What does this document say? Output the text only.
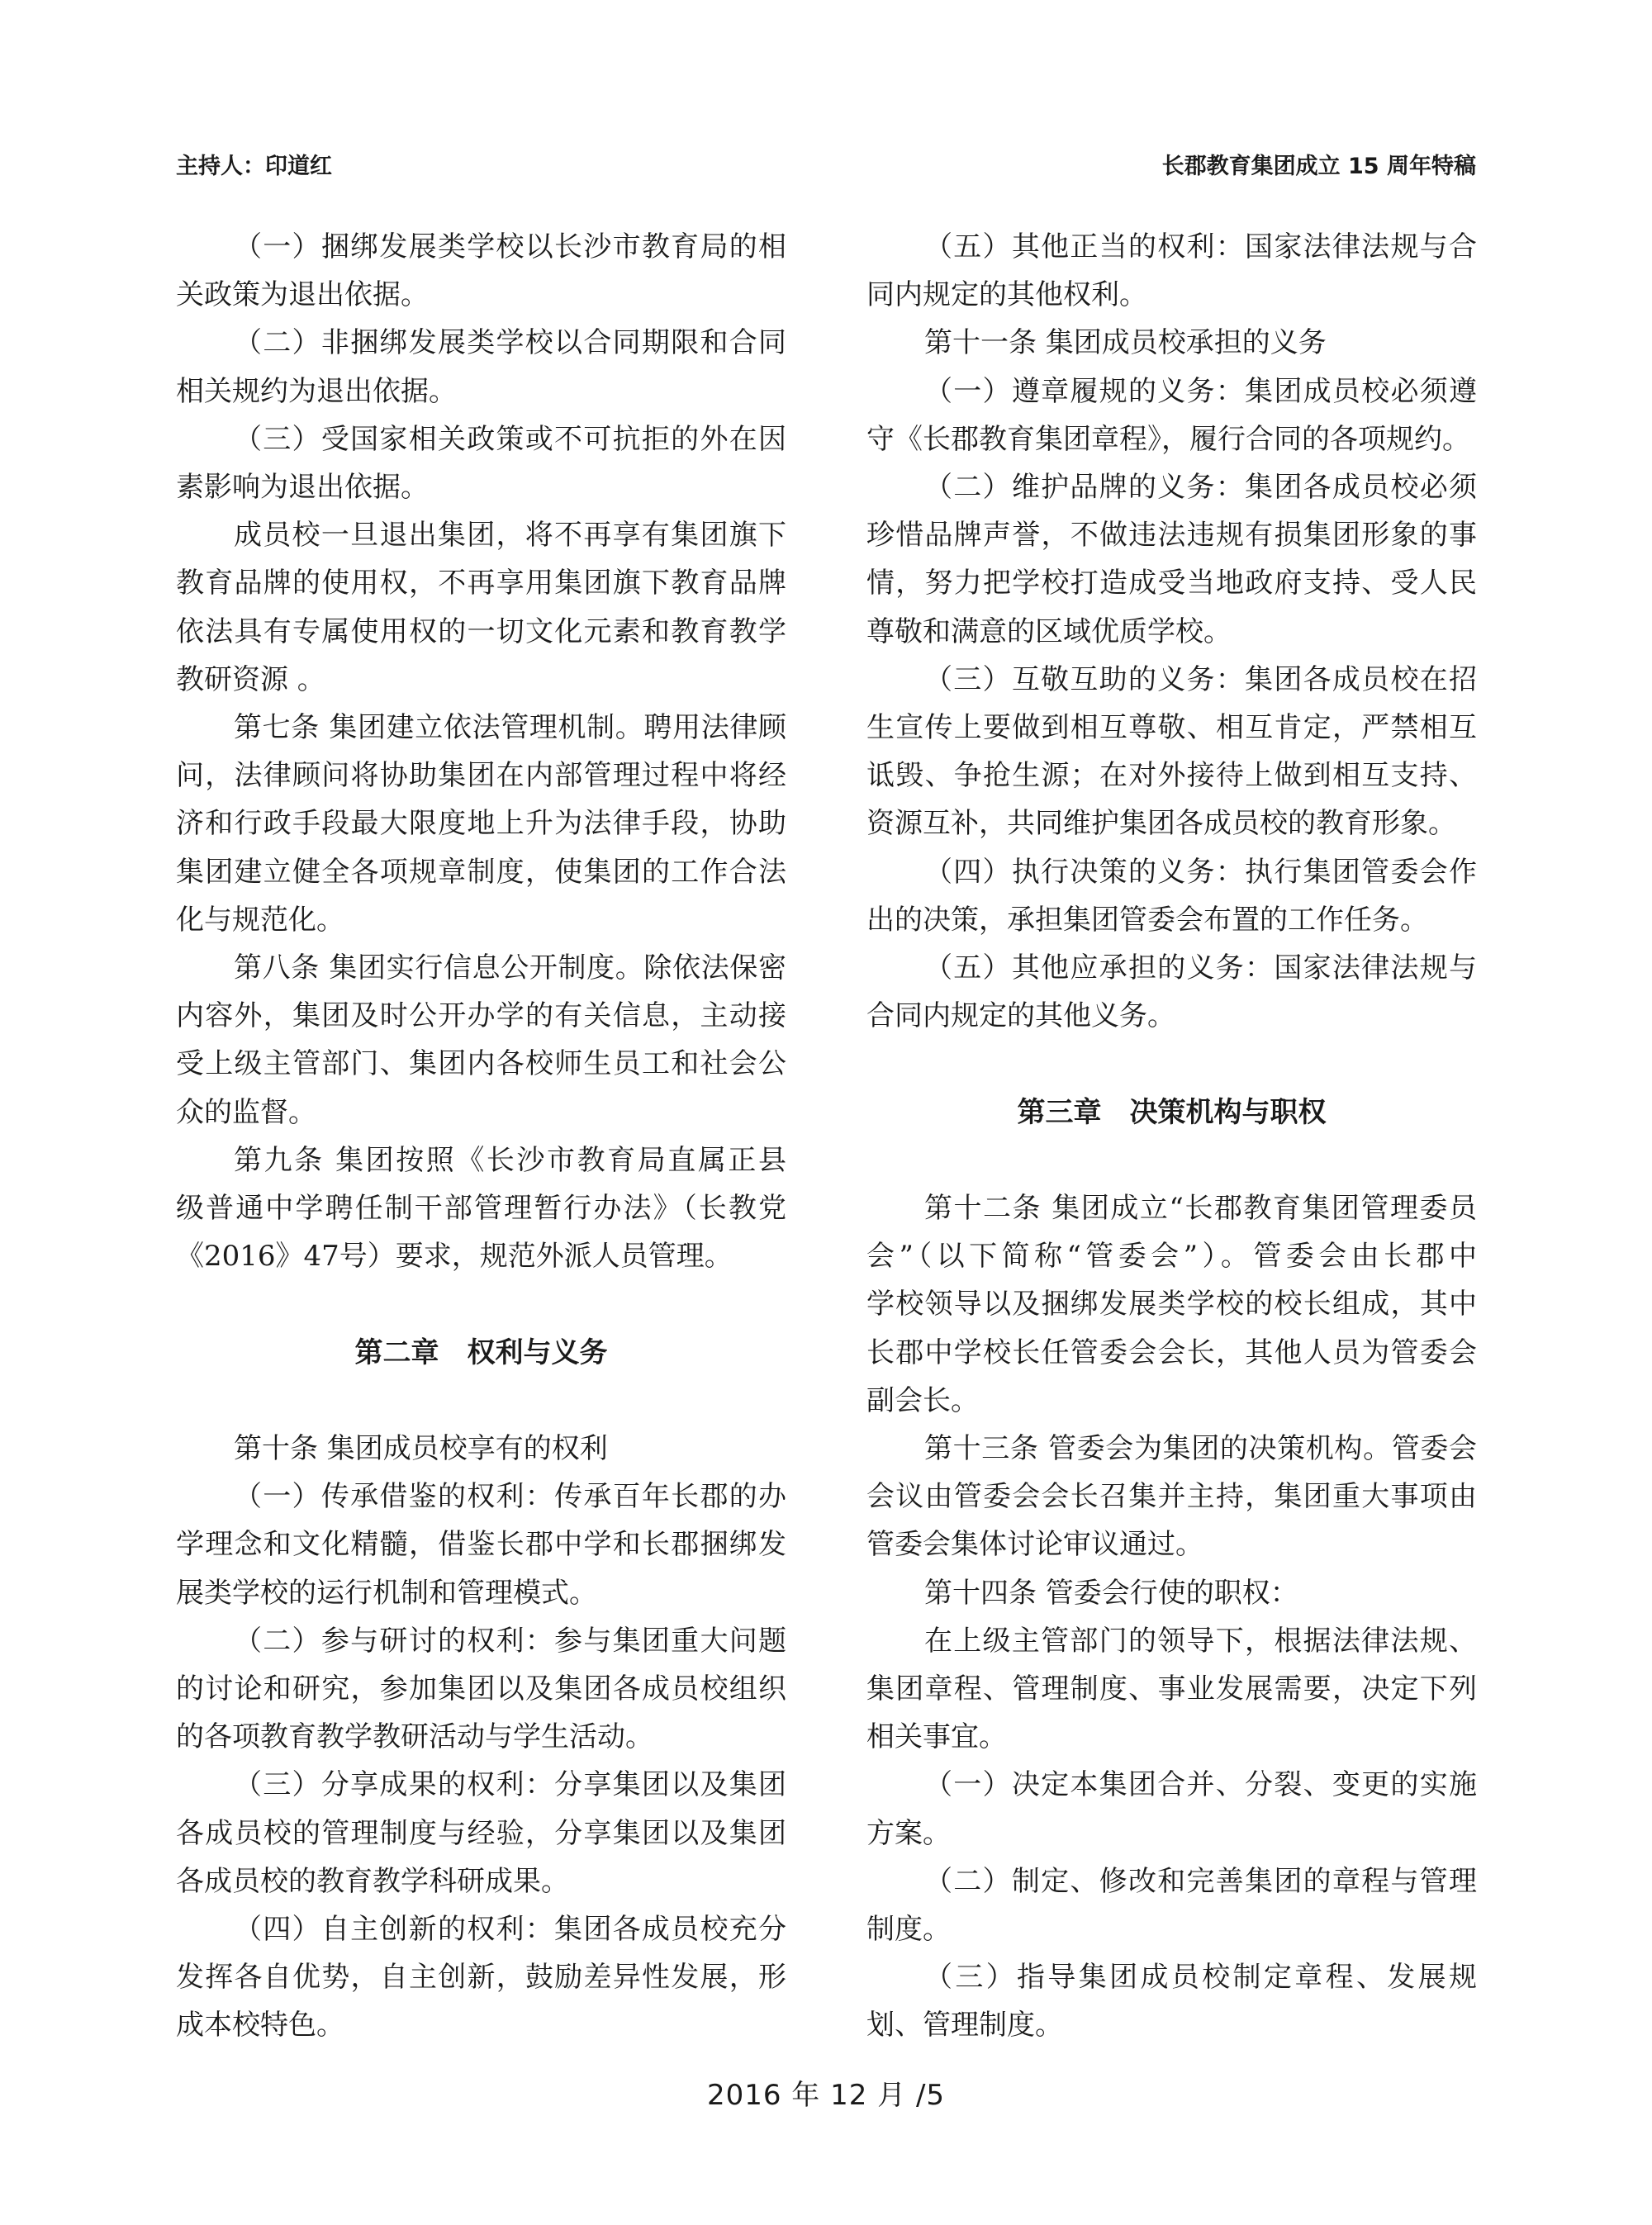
主持人：印道红	长郡教育集团成立 15 周年特稿
（一）捆绑发展类学校以长沙市教育局的相
关政策为退出依据。
（二）非捆绑发展类学校以合同期限和合同
相关规约为退出依据。
（三）受国家相关政策或不可抗拒的外在因
素影响为退出依据。
成员校一旦退出集团，将不再享有集团旗下
教育品牌的使用权，不再享用集团旗下教育品牌
依法具有专属使用权的一切文化元素和教育教学
教研资源 。
第七条 集团建立依法管理机制。聘用法律顾
问，法律顾问将协助集团在内部管理过程中将经
济和行政手段最大限度地上升为法律手段，协助
集团建立健全各项规章制度，使集团的工作合法
化与规范化。
第八条 集团实行信息公开制度。除依法保密
内容外，集团及时公开办学的有关信息，主动接
受上级主管部门、集团内各校师生员工和社会公
众的监督。
第九条 集团按照《长沙市教育局直属正县
级普通中学聘任制干部管理暂行办法》（长教党
《2016》47号）要求，规范外派人员管理。
第二章　权利与义务
第十条 集团成员校享有的权利
（一）传承借鉴的权利：传承百年长郡的办
学理念和文化精髓，借鉴长郡中学和长郡捆绑发
展类学校的运行机制和管理模式。
（二）参与研讨的权利：参与集团重大问题
的讨论和研究，参加集团以及集团各成员校组织
的各项教育教学教研活动与学生活动。
（三）分享成果的权利：分享集团以及集团
各成员校的管理制度与经验，分享集团以及集团
各成员校的教育教学科研成果。
（四）自主创新的权利：集团各成员校充分
发挥各自优势，自主创新，鼓励差异性发展，形
成本校特色。
（五）其他正当的权利：国家法律法规与合
同内规定的其他权利。
第十一条 集团成员校承担的义务
（一）遵章履规的义务：集团成员校必须遵
守《长郡教育集团章程》，履行合同的各项规约。
（二）维护品牌的义务：集团各成员校必须
珍惜品牌声誉，不做违法违规有损集团形象的事
情，努力把学校打造成受当地政府支持、受人民
尊敬和满意的区域优质学校。
（三）互敬互助的义务：集团各成员校在招
生宣传上要做到相互尊敬、相互肯定，严禁相互
诋毁、争抢生源；在对外接待上做到相互支持、
资源互补，共同维护集团各成员校的教育形象。
（四）执行决策的义务：执行集团管委会作
出的决策，承担集团管委会布置的工作任务。
（五）其他应承担的义务：国家法律法规与
合同内规定的其他义务。
第三章　决策机构与职权
第十二条 集团成立“长郡教育集团管理委员
会”（以下简称“管委会”）。管委会由长郡中
学校领导以及捆绑发展类学校的校长组成，其中
长郡中学校长任管委会会长，其他人员为管委会
副会长。
第十三条 管委会为集团的决策机构。管委会
会议由管委会会长召集并主持，集团重大事项由
管委会集体讨论审议通过。
第十四条 管委会行使的职权：
在上级主管部门的领导下，根据法律法规、
集团章程、管理制度、事业发展需要，决定下列
相关事宜。
（一）决定本集团合并、分裂、变更的实施
方案。
（二）制定、修改和完善集团的章程与管理
制度。
（三）指导集团成员校制定章程、发展规
划、管理制度。
2016 年 12 月 /5
